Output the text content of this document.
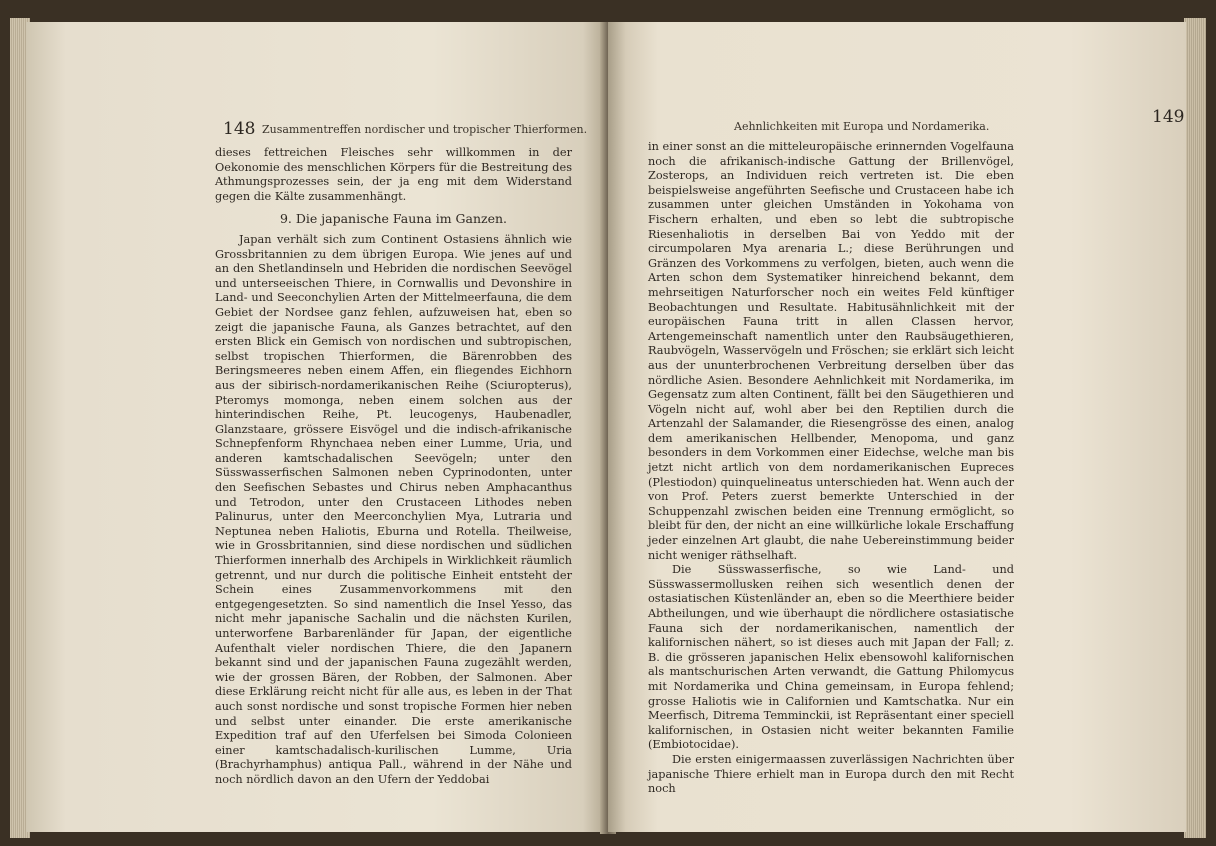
148 Zusammentreffen nordischer und tropischer Thierformen.

dieses fettreichen Fleisches sehr willkommen in der Oekonomie des menschlichen Körpers für die Bestreitung des Athmungsprozesses sein, der ja eng mit dem Widerstand gegen die Kälte zusammenhängt.

9. Die japanische Fauna im Ganzen.

Japan verhält sich zum Continent Ostasiens ähnlich wie Grossbritannien zu dem übrigen Europa. Wie jenes auf und an den Shetlandinseln und Hebriden die nordischen Seevögel und unterseeischen Thiere, in Cornwallis und Devonshire in Land- und Seeconchylien Arten der Mittelmeerfauna, die dem Gebiet der Nordsee ganz fehlen, aufzuweisen hat, eben so zeigt die japanische Fauna, als Ganzes betrachtet, auf den ersten Blick ein Gemisch von nordischen und subtropischen, selbst tropischen Thierformen, die Bärenrobben des Beringsmeeres neben einem Affen, ein fliegendes Eichhorn aus der sibirisch-nordamerikanischen Reihe (Sciuropterus), Pteromys momonga, neben einem solchen aus der hinterindischen Reihe, Pt. leucogenys, Haubenadler, Glanzstaare, grössere Eisvögel und die indisch-afrikanische Schnepfenform Rhynchaea neben einer Lumme, Uria, und anderen kamtschadalischen Seevögeln; unter den Süsswasserfischen Salmonen neben Cyprinodonten, unter den Seefischen Sebastes und Chirus neben Amphacanthus und Tetrodon, unter den Crustaceen Lithodes neben Palinurus, unter den Meerconchylien Mya, Lutraria und Neptunea neben Haliotis, Eburna und Rotella. Theilweise, wie in Grossbritannien, sind diese nordischen und südlichen Thierformen innerhalb des Archipels in Wirklichkeit räumlich getrennt, und nur durch die politische Einheit entsteht der Schein eines Zusammenvorkommens mit den entgegengesetzten. So sind namentlich die Insel Yesso, das nicht mehr japanische Sachalin und die nächsten Kurilen, unterworfene Barbarenländer für Japan, der eigentliche Aufenthalt vieler nordischen Thiere, die den Japanern bekannt sind und der japanischen Fauna zugezählt werden, wie der grossen Bären, der Robben, der Salmonen. Aber diese Erklärung reicht nicht für alle aus, es leben in der That auch sonst nordische und sonst tropische Formen hier neben und selbst unter einander. Die erste amerikanische Expedition traf auf den Uferfelsen bei Simoda Colonieen einer kamtschadalisch-kurilischen Lumme, Uria (Brachyrhamphus) antiqua Pall., während in der Nähe und noch nördlich davon an den Ufern der Yeddobai

Aehnlichkeiten mit Europa und Nordamerika.	149

in einer sonst an die mitteleuropäische erinnernden Vogelfauna noch die afrikanisch-indische Gattung der Brillenvögel, Zosterops, an Individuen reich vertreten ist. Die eben beispielsweise angeführten Seefische und Crustaceen habe ich zusammen unter gleichen Umständen in Yokohama von Fischern erhalten, und eben so lebt die subtropische Riesenhaliotis in derselben Bai von Yeddo mit der circumpolaren Mya arenaria L.; diese Berührungen und Gränzen des Vorkommens zu verfolgen, bieten, auch wenn die Arten schon dem Systematiker hinreichend bekannt, dem mehrseitigen Naturforscher noch ein weites Feld künftiger Beobachtungen und Resultate. Habitusähnlichkeit mit der europäischen Fauna tritt in allen Classen hervor, Artengemeinschaft namentlich unter den Raubsäugethieren, Raubvögeln, Wasservögeln und Fröschen; sie erklärt sich leicht aus der ununterbrochenen Verbreitung derselben über das nördliche Asien. Besondere Aehnlichkeit mit Nordamerika, im Gegensatz zum alten Continent, fällt bei den Säugethieren und Vögeln nicht auf, wohl aber bei den Reptilien durch die Artenzahl der Salamander, die Riesengrösse des einen, analog dem amerikanischen Hellbender, Menopoma, und ganz besonders in dem Vorkommen einer Eidechse, welche man bis jetzt nicht artlich von dem nordamerikanischen Eupreces (Plestiodon) quinquelineatus unterschieden hat. Wenn auch der von Prof. Peters zuerst bemerkte Unterschied in der Schuppenzahl zwischen beiden eine Trennung ermöglicht, so bleibt für den, der nicht an eine willkürliche lokale Erschaffung jeder einzelnen Art glaubt, die nahe Uebereinstimmung beider nicht weniger räthselhaft.

Die Süsswasserfische, so wie Land- und Süsswassermollusken reihen sich wesentlich denen der ostasiatischen Küstenländer an, eben so die Meerthiere beider Abtheilungen, und wie überhaupt die nördlichere ostasiatische Fauna sich der nordamerikanischen, namentlich der kalifornischen nähert, so ist dieses auch mit Japan der Fall; z. B. die grösseren japanischen Helix ebensowohl kalifornischen als mantschurischen Arten verwandt, die Gattung Philomycus mit Nordamerika und China gemeinsam, in Europa fehlend; grosse Haliotis wie in Californien und Kamtschatka. Nur ein Meerfisch, Ditrema Temminckii, ist Repräsentant einer speciell kalifornischen, in Ostasien nicht weiter bekannten Familie (Embiotocidae).

Die ersten einigermaassen zuverlässigen Nachrichten über japanische Thiere erhielt man in Europa durch den mit Recht noch
